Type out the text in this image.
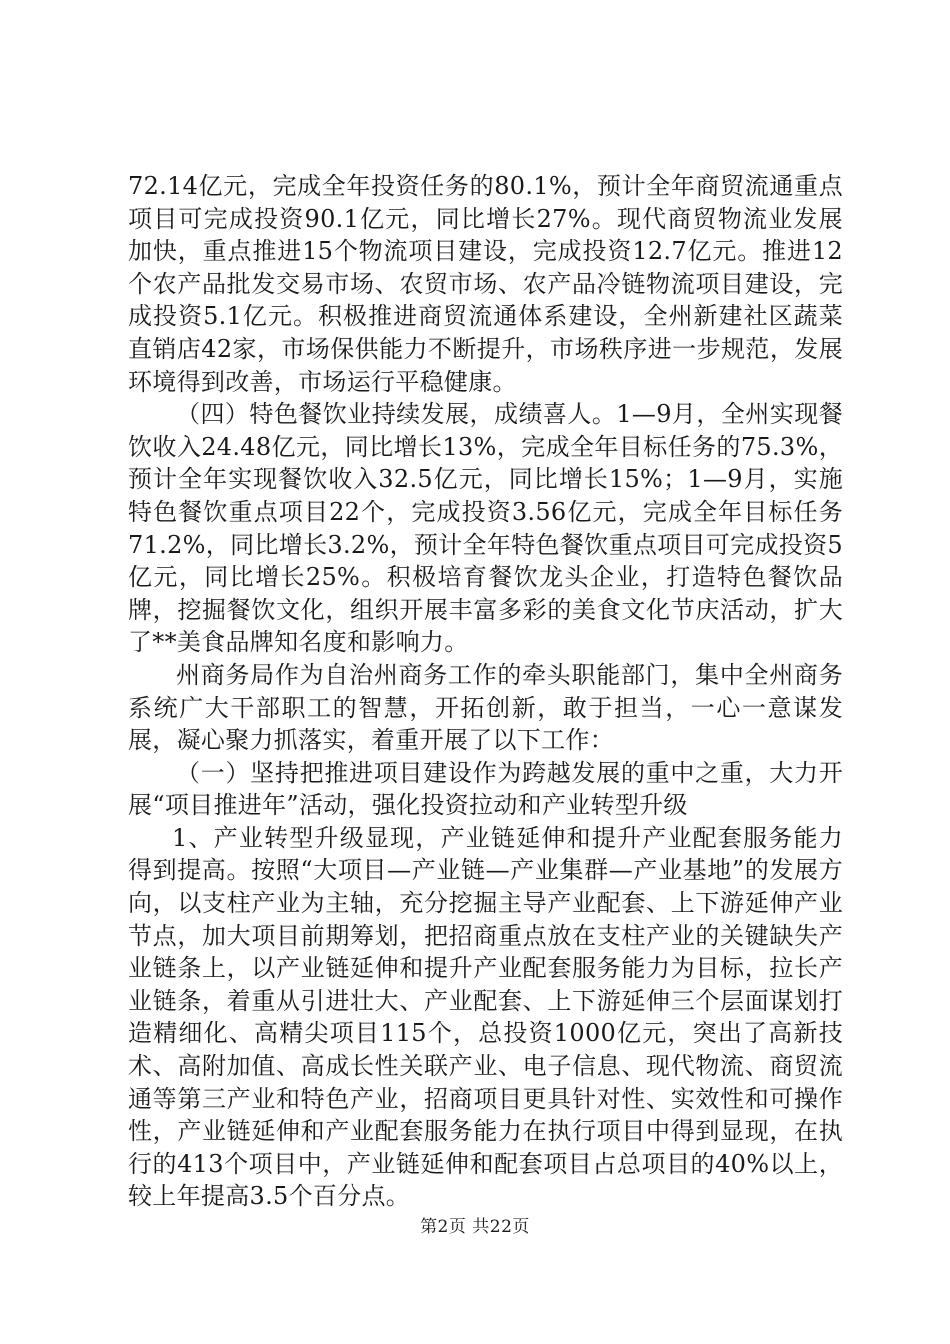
72.14亿元，完成全年投资任务的80.1%，预计全年商贸流通重点项目可完成投资90.1亿元，同比增长27%。现代商贸物流业发展加快，重点推进15个物流项目建设，完成投资12.7亿元。推进12个农产品批发交易市场、农贸市场、农产品冷链物流项目建设，完成投资5.1亿元。积极推进商贸流通体系建设，全州新建社区蔬菜直销店42家，市场保供能力不断提升，市场秩序进一步规范，发展环境得到改善，市场运行平稳健康。

（四）特色餐饮业持续发展，成绩喜人。1—9月，全州实现餐饮收入24.48亿元，同比增长13%，完成全年目标任务的75.3%，预计全年实现餐饮收入32.5亿元，同比增长15%；1—9月，实施特色餐饮重点项目22个，完成投资3.56亿元，完成全年目标任务71.2%，同比增长3.2%，预计全年特色餐饮重点项目可完成投资5亿元，同比增长25%。积极培育餐饮龙头企业，打造特色餐饮品牌，挖掘餐饮文化，组织开展丰富多彩的美食文化节庆活动，扩大了**美食品牌知名度和影响力。

州商务局作为自治州商务工作的牵头职能部门，集中全州商务系统广大干部职工的智慧，开拓创新，敢于担当，一心一意谋发展，凝心聚力抓落实，着重开展了以下工作：

（一）坚持把推进项目建设作为跨越发展的重中之重，大力开展“项目推进年”活动，强化投资拉动和产业转型升级

1、产业转型升级显现，产业链延伸和提升产业配套服务能力得到提高。按照“大项目—产业链—产业集群—产业基地”的发展方向，以支柱产业为主轴，充分挖掘主导产业配套、上下游延伸产业节点，加大项目前期筹划，把招商重点放在支柱产业的关键缺失产业链条上，以产业链延伸和提升产业配套服务能力为目标，拉长产业链条，着重从引进壮大、产业配套、上下游延伸三个层面谋划打造精细化、高精尖项目115个，总投资1000亿元，突出了高新技术、高附加值、高成长性关联产业、电子信息、现代物流、商贸流通等第三产业和特色产业，招商项目更具针对性、实效性和可操作性，产业链延伸和产业配套服务能力在执行项目中得到显现，在执行的413个项目中，产业链延伸和配套项目占总项目的40%以上，较上年提高3.5个百分点。

第2页 共22页
